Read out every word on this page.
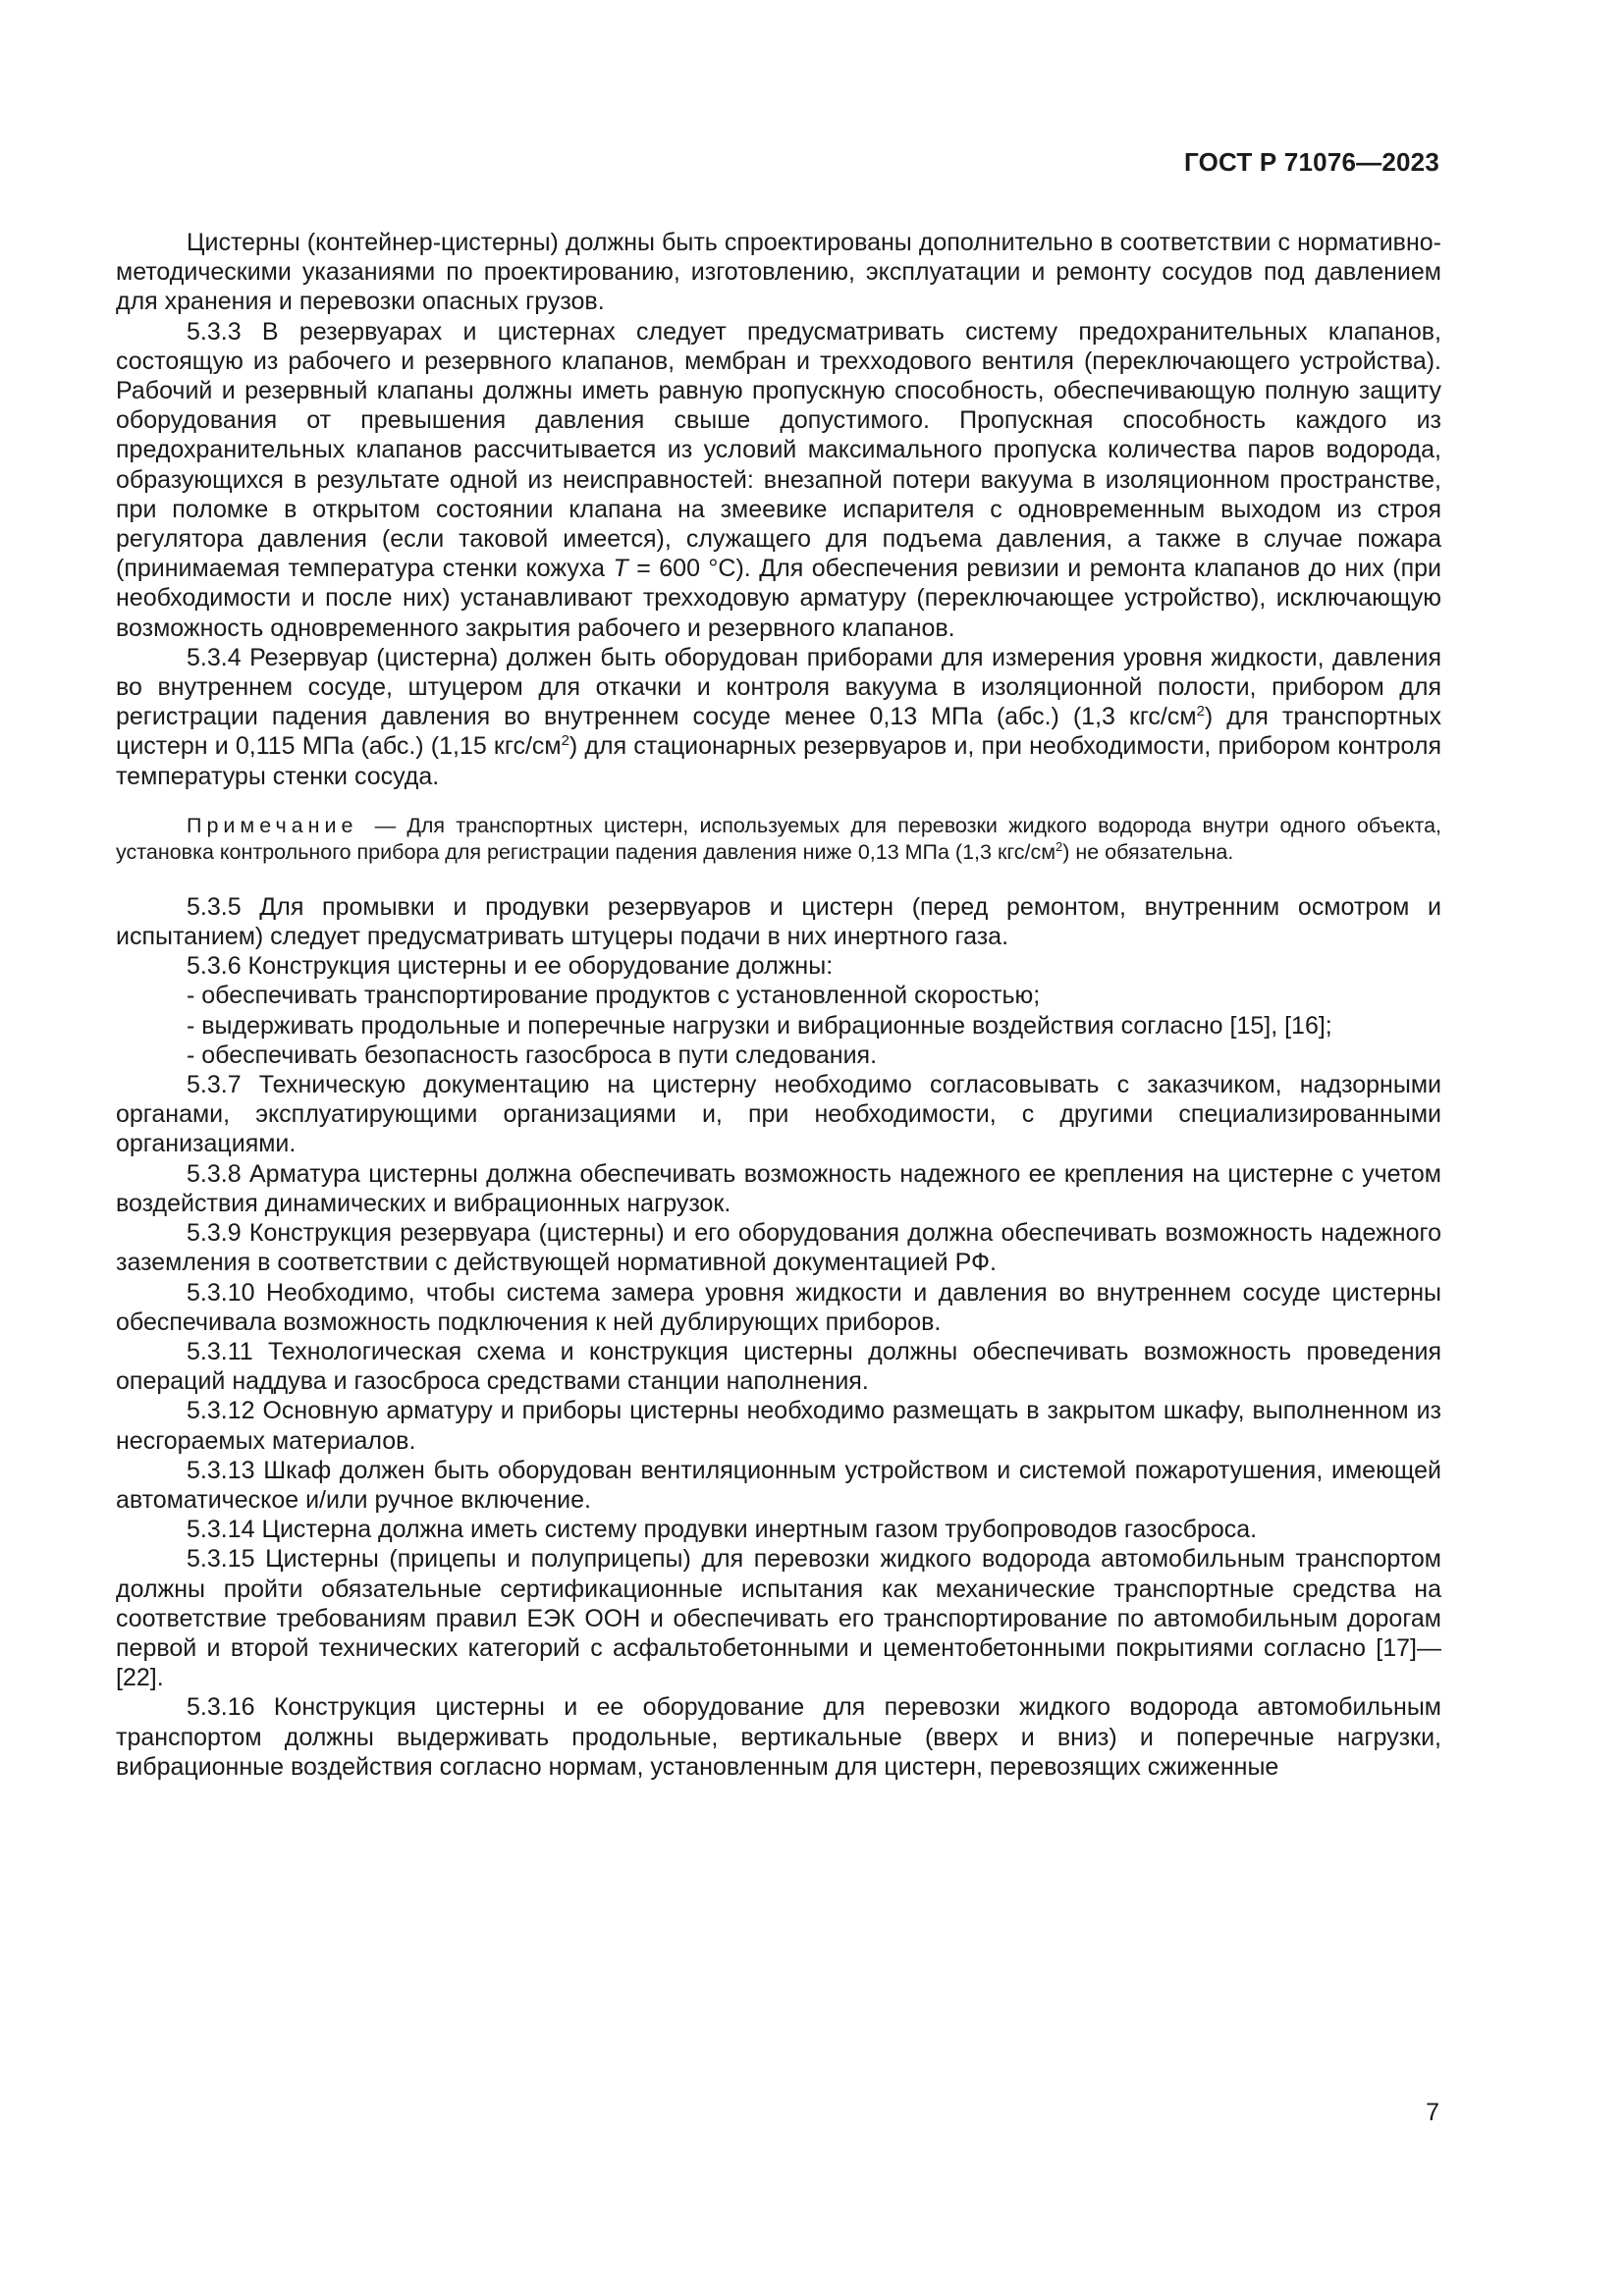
ГОСТ Р 71076—2023

Цистерны (контейнер-цистерны) должны быть спроектированы дополнительно в соответствии с нормативно-методическими указаниями по проектированию, изготовлению, эксплуатации и ремонту сосудов под давлением для хранения и перевозки опасных грузов.

5.3.3 В резервуарах и цистернах следует предусматривать систему предохранительных клапанов, состоящую из рабочего и резервного клапанов, мембран и трехходового вентиля (переключающего устройства). Рабочий и резервный клапаны должны иметь равную пропускную способность, обеспечивающую полную защиту оборудования от превышения давления свыше допустимого. Пропускная способность каждого из предохранительных клапанов рассчитывается из условий максимального пропуска количества паров водорода, образующихся в результате одной из неисправностей: внезапной потери вакуума в изоляционном пространстве, при поломке в открытом состоянии клапана на змеевике испарителя с одновременным выходом из строя регулятора давления (если таковой имеется), служащего для подъема давления, а также в случае пожара (принимаемая температура стенки кожуха T = 600 °C). Для обеспечения ревизии и ремонта клапанов до них (при необходимости и после них) устанавливают трехходовую арматуру (переключающее устройство), исключающую возможность одновременного закрытия рабочего и резервного клапанов.

5.3.4 Резервуар (цистерна) должен быть оборудован приборами для измерения уровня жидкости, давления во внутреннем сосуде, штуцером для откачки и контроля вакуума в изоляционной полости, прибором для регистрации падения давления во внутреннем сосуде менее 0,13 МПа (абс.) (1,3 кгс/$см^2$) для транспортных цистерн и 0,115 МПа (абс.) (1,15 кгс/$см^2$) для стационарных резервуаров и, при необходимости, прибором контроля температуры стенки сосуда.

Примечание — Для транспортных цистерн, используемых для перевозки жидкого водорода внутри одного объекта, установка контрольного прибора для регистрации падения давления ниже 0,13 МПа (1,3 кгс/$см^2$) не обязательна.

5.3.5 Для промывки и продувки резервуаров и цистерн (перед ремонтом, внутренним осмотром и испытанием) следует предусматривать штуцеры подачи в них инертного газа.

5.3.6 Конструкция цистерны и ее оборудование должны:

- обеспечивать транспортирование продуктов с установленной скоростью;

- выдерживать продольные и поперечные нагрузки и вибрационные воздействия согласно [15], [16];

- обеспечивать безопасность газосброса в пути следования.

5.3.7 Техническую документацию на цистерну необходимо согласовывать с заказчиком, надзорными органами, эксплуатирующими организациями и, при необходимости, с другими специализированными организациями.

5.3.8 Арматура цистерны должна обеспечивать возможность надежного ее крепления на цистерне с учетом воздействия динамических и вибрационных нагрузок.

5.3.9 Конструкция резервуара (цистерны) и его оборудования должна обеспечивать возможность надежного заземления в соответствии с действующей нормативной документацией РФ.

5.3.10 Необходимо, чтобы система замера уровня жидкости и давления во внутреннем сосуде цистерны обеспечивала возможность подключения к ней дублирующих приборов.

5.3.11 Технологическая схема и конструкция цистерны должны обеспечивать возможность проведения операций наддува и газосброса средствами станции наполнения.

5.3.12 Основную арматуру и приборы цистерны необходимо размещать в закрытом шкафу, выполненном из несгораемых материалов.

5.3.13 Шкаф должен быть оборудован вентиляционным устройством и системой пожаротушения, имеющей автоматическое и/или ручное включение.

5.3.14 Цистерна должна иметь систему продувки инертным газом трубопроводов газосброса.

5.3.15 Цистерны (прицепы и полуприцепы) для перевозки жидкого водорода автомобильным транспортом должны пройти обязательные сертификационные испытания как механические транспортные средства на соответствие требованиям правил ЕЭК ООН и обеспечивать его транспортирование по автомобильным дорогам первой и второй технических категорий с асфальтобетонными и цементобетонными покрытиями согласно [17]—[22].

5.3.16 Конструкция цистерны и ее оборудование для перевозки жидкого водорода автомобильным транспортом должны выдерживать продольные, вертикальные (вверх и вниз) и поперечные нагрузки, вибрационные воздействия согласно нормам, установленным для цистерн, перевозящих сжиженные

7
